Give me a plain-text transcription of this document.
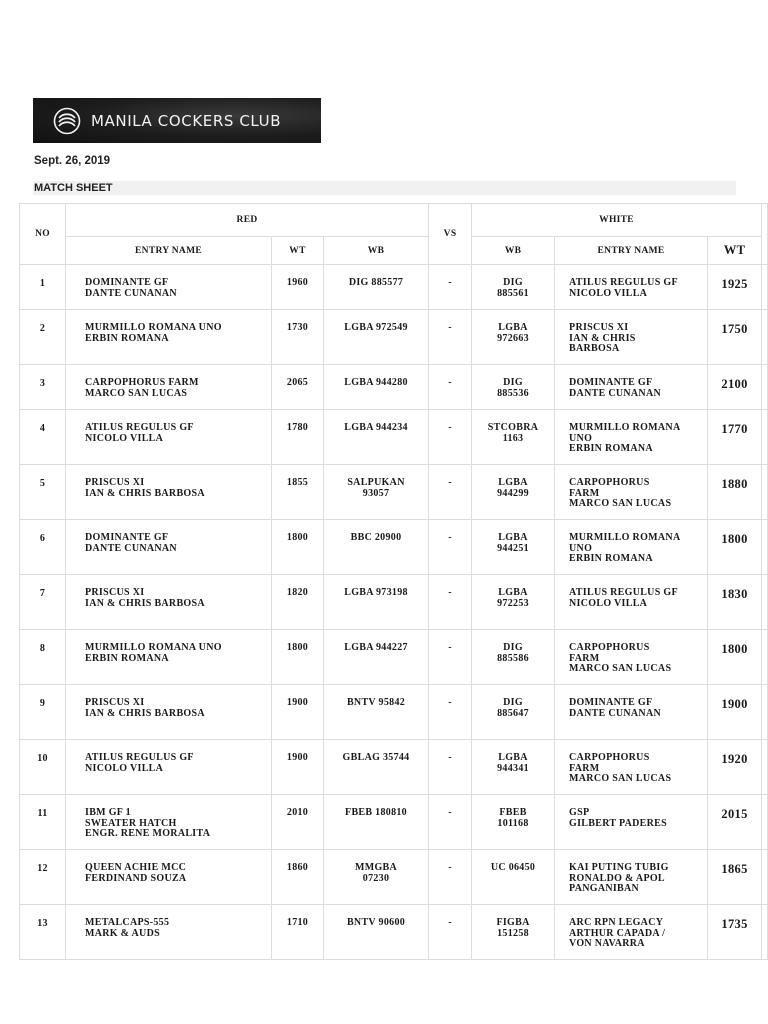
MANILA COCKERS CLUB
Sept. 26, 2019
MATCH SHEET
NO	RED			VS	WHITE			
	ENTRY NAME	WT	WB		WB	ENTRY NAME	WT	

1	DOMINANTE GF
DANTE CUNANAN	1960	DIG 885577	-	DIG
885561	ATILUS REGULUS GF
NICOLO VILLA	1925	

2	MURMILLO ROMANA UNO
ERBIN ROMANA	1730	LGBA 972549	-	LGBA
972663	PRISCUS XI
IAN & CHRIS
BARBOSA	1750	

3	CARPOPHORUS FARM
MARCO SAN LUCAS	2065	LGBA 944280	-	DIG
885536	DOMINANTE GF
DANTE CUNANAN	2100	

4	ATILUS REGULUS GF
NICOLO VILLA	1780	LGBA 944234	-	STCOBRA
1163	MURMILLO ROMANA
UNO
ERBIN ROMANA	1770	

5	PRISCUS XI
IAN & CHRIS BARBOSA	1855	SALPUKAN
93057	-	LGBA
944299	CARPOPHORUS
FARM
MARCO SAN LUCAS	1880	

6	DOMINANTE GF
DANTE CUNANAN	1800	BBC 20900	-	LGBA
944251	MURMILLO ROMANA
UNO
ERBIN ROMANA	1800	

7	PRISCUS XI
IAN & CHRIS BARBOSA	1820	LGBA 973198	-	LGBA
972253	ATILUS REGULUS GF
NICOLO VILLA	1830	

8	MURMILLO ROMANA UNO
ERBIN ROMANA	1800	LGBA 944227	-	DIG
885586	CARPOPHORUS
FARM
MARCO SAN LUCAS	1800	

9	PRISCUS XI
IAN & CHRIS BARBOSA	1900	BNTV 95842	-	DIG
885647	DOMINANTE GF
DANTE CUNANAN	1900	

10	ATILUS REGULUS GF
NICOLO VILLA	1900	GBLAG 35744	-	LGBA
944341	CARPOPHORUS
FARM
MARCO SAN LUCAS	1920	

11	IBM GF 1
SWEATER HATCH
ENGR. RENE MORALITA	2010	FBEB 180810	-	FBEB
101168	GSP
GILBERT PADERES	2015	

12	QUEEN ACHIE MCC
FERDINAND SOUZA	1860	MMGBA
07230	-	UC 06450	KAI PUTING TUBIG
RONALDO & APOL
PANGANIBAN	1865	

13	METALCAPS-555
MARK & AUDS	1710	BNTV 90600	-	FIGBA
151258	ARC RPN LEGACY
ARTHUR CAPADA /
VON NAVARRA	1735	
